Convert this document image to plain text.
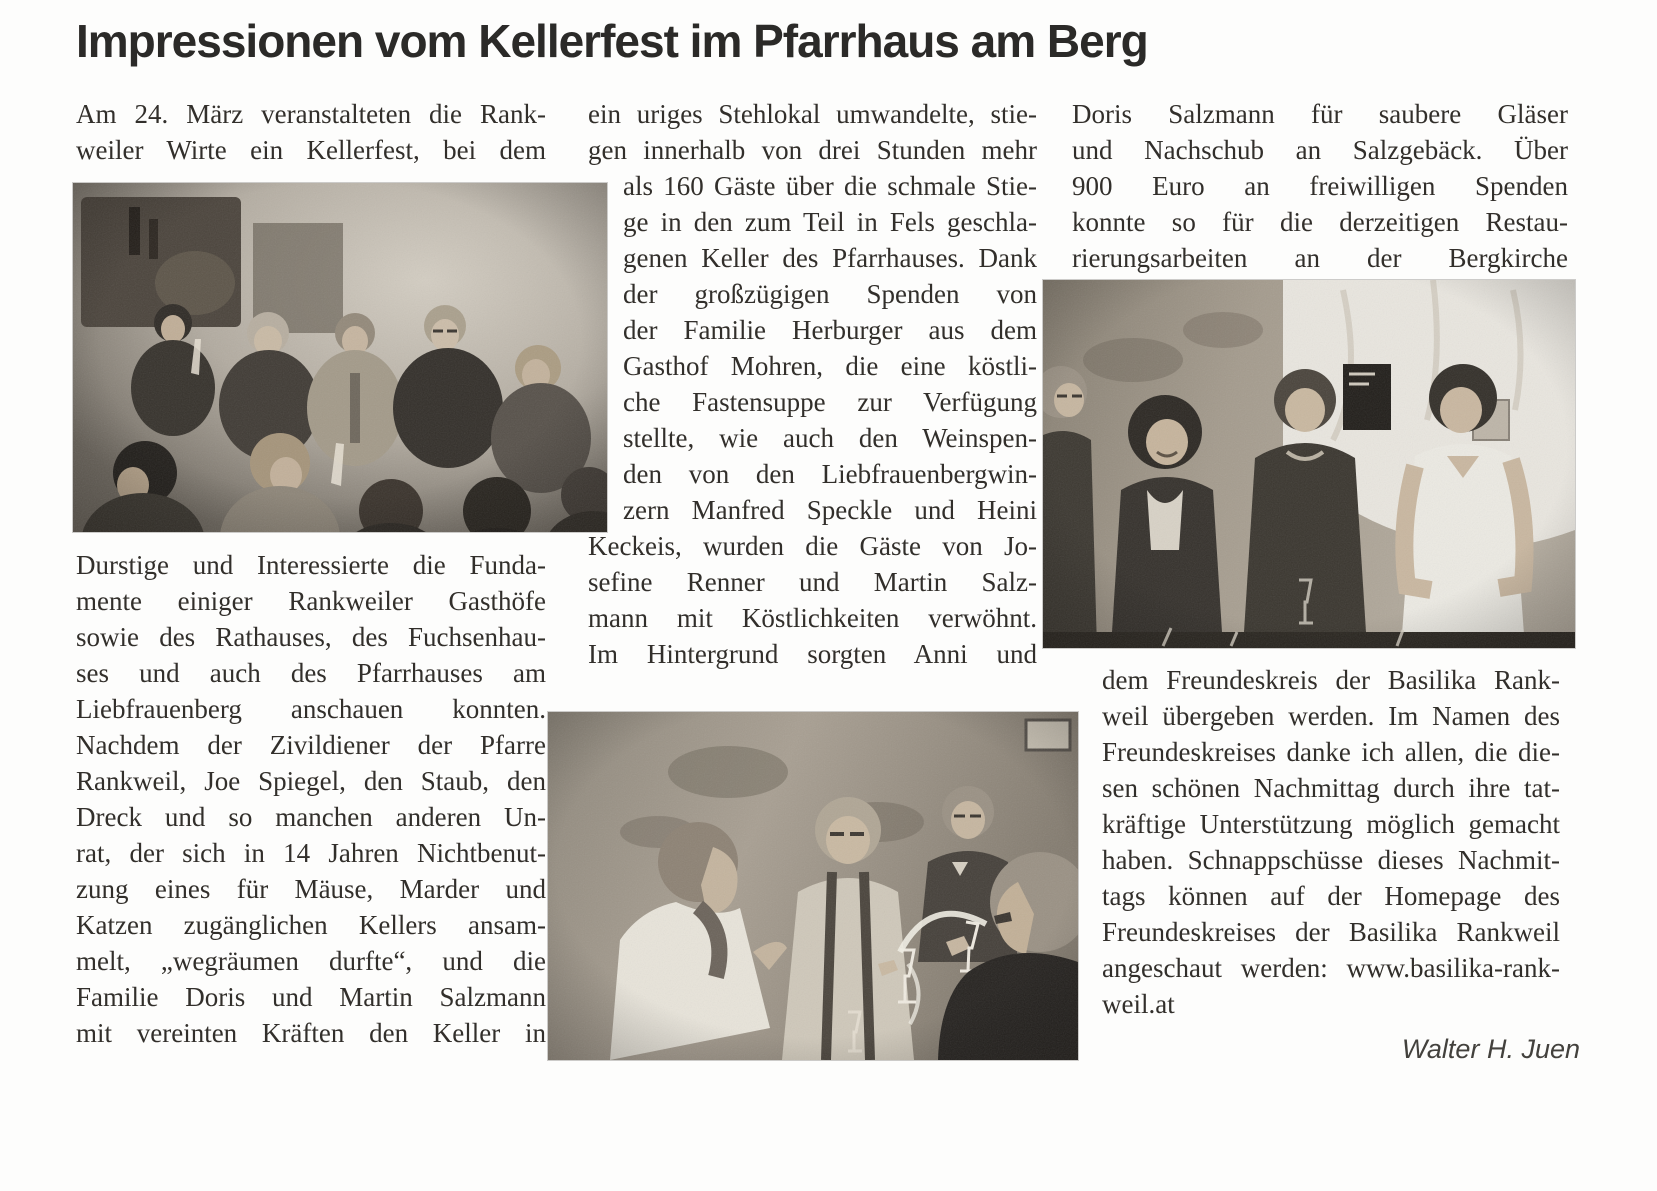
Impressionen vom Kellerfest im Pfarrhaus am Berg
Am 24. März veranstalteten die Rank-
weiler Wirte ein Kellerfest, bei dem
Durstige und Interessierte die Funda-
mente einiger Rankweiler Gasthöfe
sowie des Rathauses, des Fuchsenhau-
ses und auch des Pfarrhauses am
Liebfrauenberg anschauen konnten.
Nachdem der Zivildiener der Pfarre
Rankweil, Joe Spiegel, den Staub, den
Dreck und so manchen anderen Un-
rat, der sich in 14 Jahren Nichtbenut-
zung eines für Mäuse, Marder und
Katzen zugänglichen Kellers ansam-
melt, „wegräumen durfte“, und die
Familie Doris und Martin Salzmann
mit vereinten Kräften den Keller in
ein uriges Stehlokal umwandelte, stie-
gen innerhalb von drei Stunden mehr
als 160 Gäste über die schmale Stie-
ge in den zum Teil in Fels geschla-
genen Keller des Pfarrhauses. Dank
der großzügigen Spenden von
der Familie Herburger aus dem
Gasthof Mohren, die eine köstli-
che Fastensuppe zur Verfügung
stellte, wie auch den Weinspen-
den von den Liebfrauenbergwin-
zern Manfred Speckle und Heini
Keckeis, wurden die Gäste von Jo-
sefine Renner und Martin Salz-
mann mit Köstlichkeiten verwöhnt.
Im Hintergrund sorgten Anni und
Doris Salzmann für saubere Gläser
und Nachschub an Salzgebäck. Über
900 Euro an freiwilligen Spenden
konnte so für die derzeitigen Restau-
rierungsarbeiten an der Bergkirche
dem Freundeskreis der Basilika Rank-
weil übergeben werden. Im Namen des
Freundeskreises danke ich allen, die die-
sen schönen Nachmittag durch ihre tat-
kräftige Unterstützung möglich gemacht
haben. Schnappschüsse dieses Nachmit-
tags können auf der Homepage des
Freundeskreises der Basilika Rankweil
angeschaut werden: www.basilika-rank-
weil.at
Walter H. Juen
